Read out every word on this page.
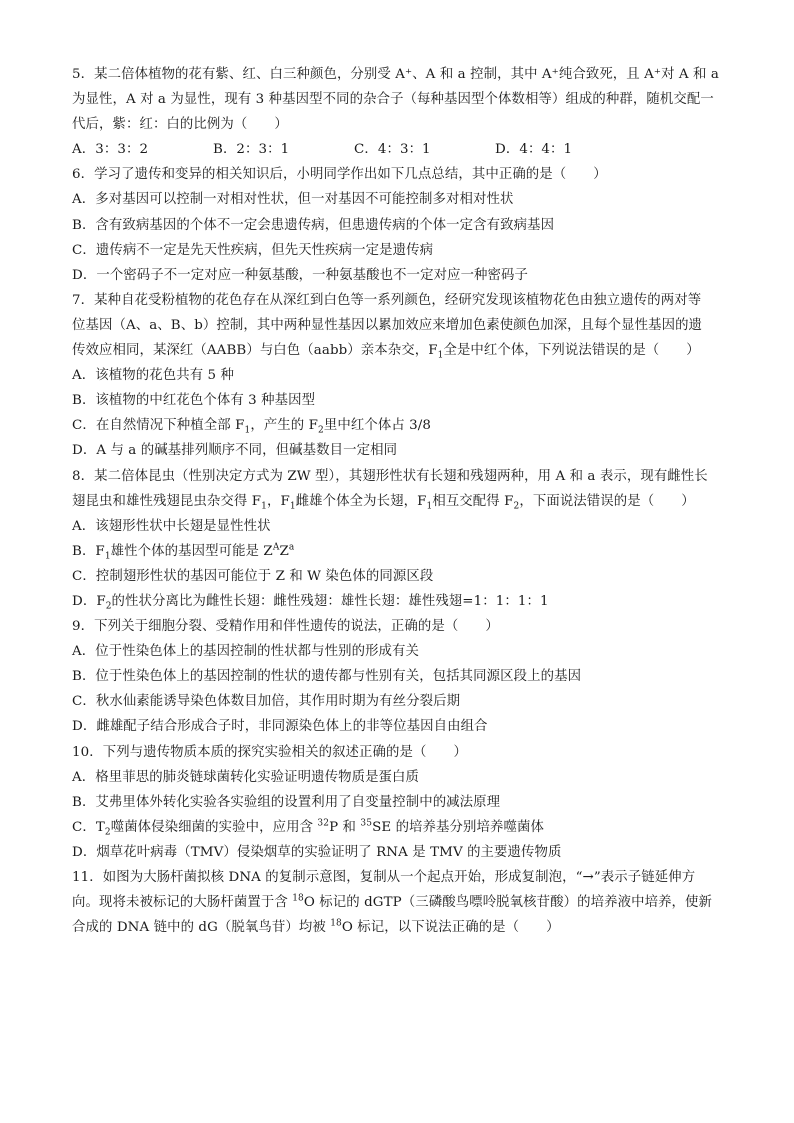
5．某二倍体植物的花有紫、红、白三种颜色，分别受 A⁺、A 和 a 控制，其中 A⁺纯合致死，且 A⁺对 A 和 a
为显性，A 对 a 为显性，现有 3 种基因型不同的杂合子（每种基因型个体数相等）组成的种群，随机交配一
代后，紫：红：白的比例为（　　）
A．3：3：2	B．2：3：1	C．4：3：1	D．4：4：1
6．学习了遗传和变异的相关知识后，小明同学作出如下几点总结，其中正确的是（　　）
A．多对基因可以控制一对相对性状，但一对基因不可能控制多对相对性状
B．含有致病基因的个体不一定会患遗传病，但患遗传病的个体一定含有致病基因
C．遗传病不一定是先天性疾病，但先天性疾病一定是遗传病
D．一个密码子不一定对应一种氨基酸，一种氨基酸也不一定对应一种密码子
7．某种自花受粉植物的花色存在从深红到白色等一系列颜色，经研究发现该植物花色由独立遗传的两对等
位基因（A、a、B、b）控制，其中两种显性基因以累加效应来增加色素使颜色加深，且每个显性基因的遗
传效应相同，某深红（AABB）与白色（aabb）亲本杂交，$F_1$全是中红个体，下列说法错误的是（　　）
A．该植物的花色共有 5 种
B．该植物的中红花色个体有 3 种基因型
C．在自然情况下种植全部 $F_1$，产生的 $F_2$里中红个体占 3/8
D．A 与 a 的碱基排列顺序不同，但碱基数目一定相同
8．某二倍体昆虫（性别决定方式为 ZW 型），其翅形性状有长翅和残翅两种，用 A 和 a 表示，现有雌性长
翅昆虫和雄性残翅昆虫杂交得 $F_1$，$F_1$雌雄个体全为长翅，$F_1$相互交配得 $F_2$，下面说法错误的是（　　）
A．该翅形性状中长翅是显性性状
B．$F_1$雄性个体的基因型可能是 $Z^AZ^a$
C．控制翅形性状的基因可能位于 Z 和 W 染色体的同源区段
D．$F_2$的性状分离比为雌性长翅：雌性残翅：雄性长翅：雄性残翅=1：1：1：1
9．下列关于细胞分裂、受精作用和伴性遗传的说法，正确的是（　　）
A．位于性染色体上的基因控制的性状都与性别的形成有关
B．位于性染色体上的基因控制的性状的遗传都与性别有关，包括其同源区段上的基因
C．秋水仙素能诱导染色体数目加倍，其作用时期为有丝分裂后期
D．雌雄配子结合形成合子时，非同源染色体上的非等位基因自由组合
10．下列与遗传物质本质的探究实验相关的叙述正确的是（　　）
A．格里菲思的肺炎链球菌转化实验证明遗传物质是蛋白质
B．艾弗里体外转化实验各实验组的设置利用了自变量控制中的减法原理
C．$T_2$噬菌体侵染细菌的实验中，应用含 $^{32}$P 和 $^{35}$SE 的培养基分别培养噬菌体
D．烟草花叶病毒（TMV）侵染烟草的实验证明了 RNA 是 TMV 的主要遗传物质
11．如图为大肠杆菌拟核 DNA 的复制示意图，复制从一个起点开始，形成复制泡，“→”表示子链延伸方
向。现将未被标记的大肠杆菌置于含 $^{18}$O 标记的 dGTP（三磷酸鸟嘌呤脱氧核苷酸）的培养液中培养，使新
合成的 DNA 链中的 dG（脱氧鸟苷）均被 $^{18}$O 标记，以下说法正确的是（　　）
